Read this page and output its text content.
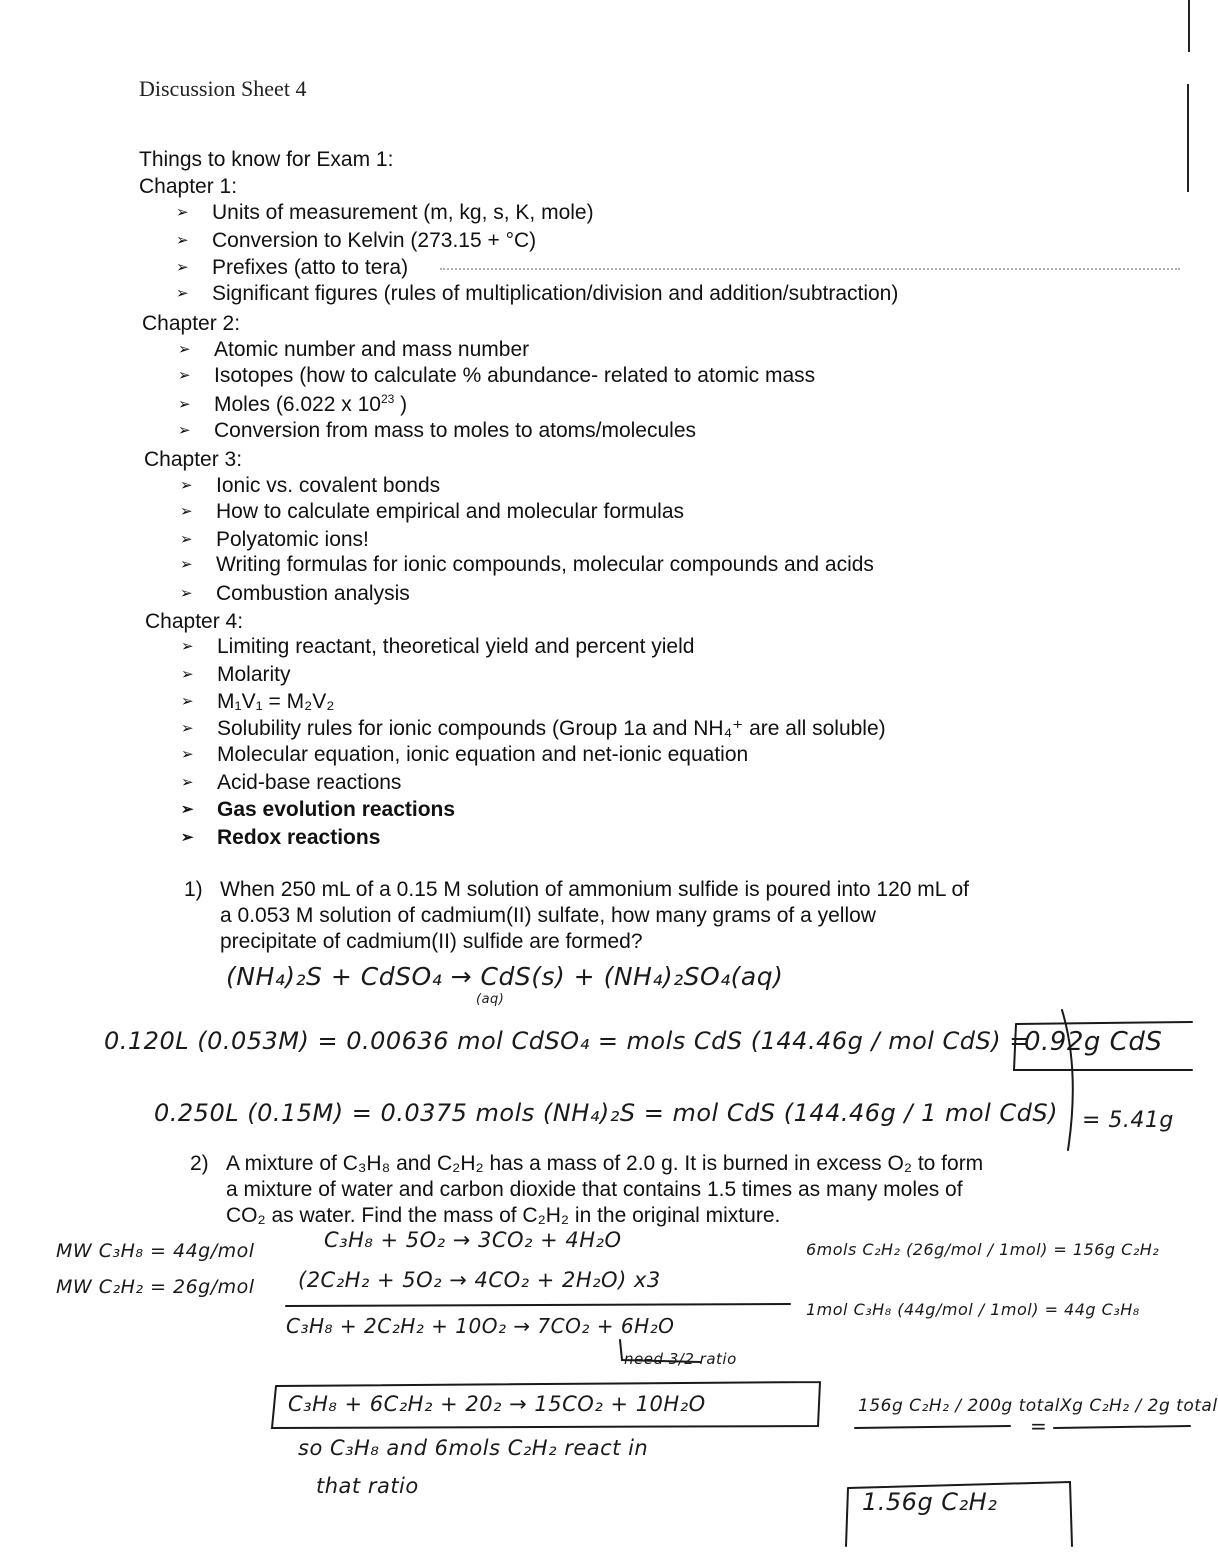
Discussion Sheet 4
Things to know for Exam 1:
Chapter 1:
➢ Units of measurement (m, kg, s, K, mole)
➢ Conversion to Kelvin (273.15 + °C)
➢ Prefixes (atto to tera)
➢ Significant figures (rules of multiplication/division and addition/subtraction)
Chapter 2:
➢ Atomic number and mass number
➢ Isotopes (how to calculate % abundance- related to atomic mass
➢ Moles (6.022 x $10^{23}$ )
➢ Conversion from mass to moles to atoms/molecules
Chapter 3:
➢ Ionic vs. covalent bonds
➢ How to calculate empirical and molecular formulas
➢ Polyatomic ions!
➢ Writing formulas for ionic compounds, molecular compounds and acids
➢ Combustion analysis
Chapter 4:
➢ Limiting reactant, theoretical yield and percent yield
➢ Molarity
➢ M₁V₁ = M₂V₂
➢ Solubility rules for ionic compounds (Group 1a and NH₄⁺ are all soluble)
➢ Molecular equation, ionic equation and net-ionic equation
➢ Acid-base reactions
➢ Gas evolution reactions
➢ Redox reactions
1) When 250 mL of a 0.15 M solution of ammonium sulfide is poured into 120 mL of
a 0.053 M solution of cadmium(II) sulfate, how many grams of a yellow
precipitate of cadmium(II) sulfide are formed?
(NH₄)₂S + CdSO₄ → CdS(s) + (NH₄)₂SO₄(aq)
(aq)
0.120L (0.053M) = 0.00636 mol CdSO₄ = mols CdS (144.46g / mol CdS) =
0.92g CdS
0.250L (0.15M) = 0.0375 mols (NH₄)₂S = mol CdS (144.46g / 1 mol CdS) = 5.41g
2) A mixture of C₃H₈ and C₂H₂ has a mass of 2.0 g. It is burned in excess O₂ to form
a mixture of water and carbon dioxide that contains 1.5 times as many moles of
CO₂ as water. Find the mass of C₂H₂ in the original mixture.
MW C₃H₈ = 44g/mol
MW C₂H₂ = 26g/mol
C₃H₈ + 5O₂ → 3CO₂ + 4H₂O
(2C₂H₂ + 5O₂ → 4CO₂ + 2H₂O) x3
C₃H₈ + 2C₂H₂ + 10O₂ → 7CO₂ + 6H₂O
need 3/2 ratio
C₃H₈ + 6C₂H₂ + 20₂ → 15CO₂ + 10H₂O
so C₃H₈ and 6mols C₂H₂ react in
that ratio
6mols C₂H₂ (26g/mol / 1mol) = 156g C₂H₂
1mol C₃H₈ (44g/mol / 1mol) = 44g C₃H₈
156g C₂H₂ / 200g total
=
Xg C₂H₂ / 2g total
1.56g C₂H₂
